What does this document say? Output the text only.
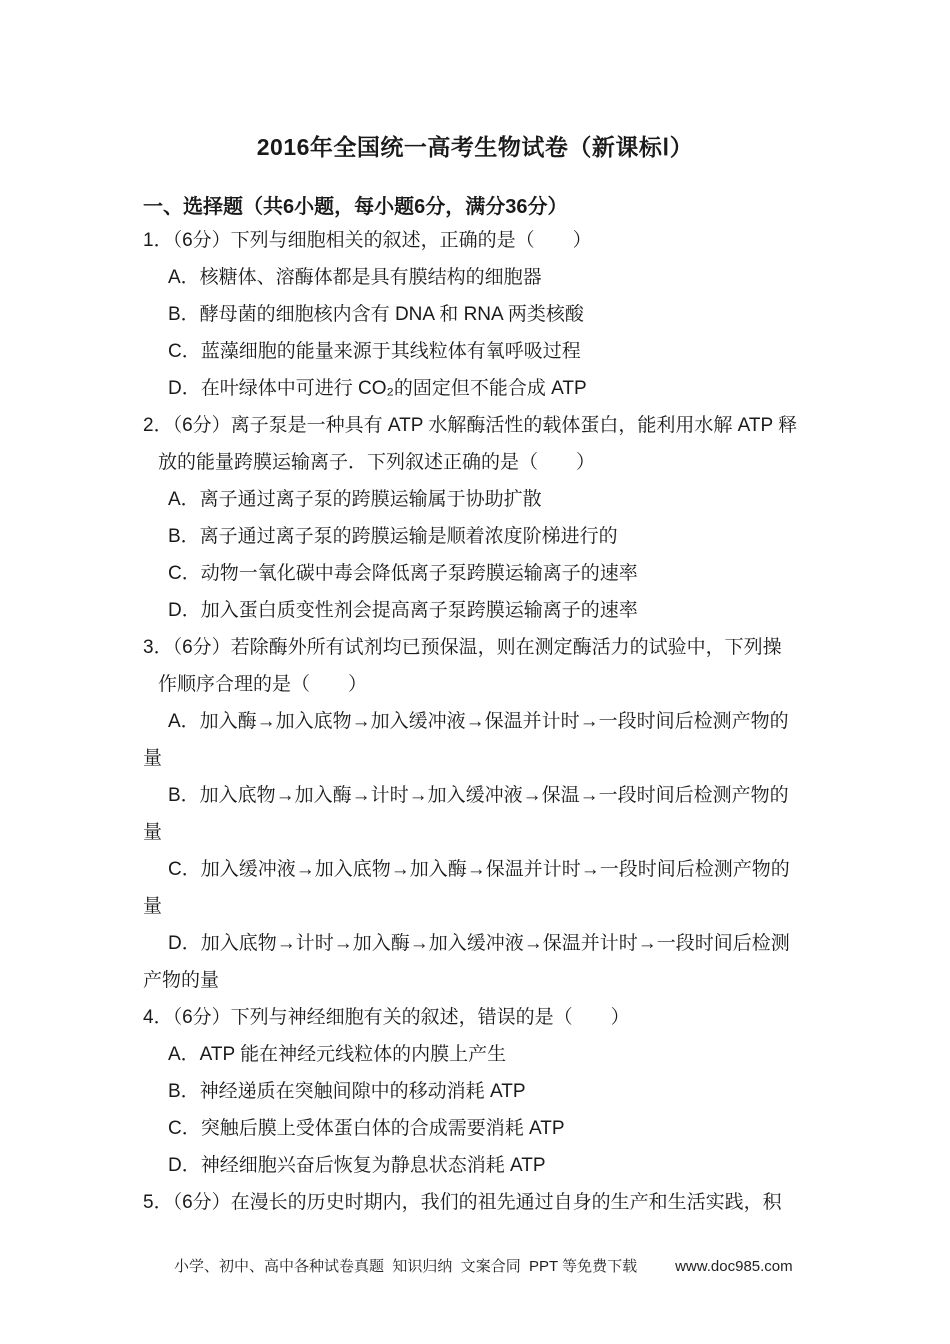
2016年全国统一高考生物试卷（新课标Ⅰ）
一、选择题（共6小题，每小题6分，满分36分）
1．（6分）下列与细胞相关的叙述，正确的是（　　）
A．核糖体、溶酶体都是具有膜结构的细胞器
B．酵母菌的细胞核内含有 DNA 和 RNA 两类核酸
C．蓝藻细胞的能量来源于其线粒体有氧呼吸过程
D．在叶绿体中可进行 CO₂的固定但不能合成 ATP
2．（6分）离子泵是一种具有 ATP 水解酶活性的载体蛋白，能利用水解 ATP 释
放的能量跨膜运输离子．下列叙述正确的是（　　）
A．离子通过离子泵的跨膜运输属于协助扩散
B．离子通过离子泵的跨膜运输是顺着浓度阶梯进行的
C．动物一氧化碳中毒会降低离子泵跨膜运输离子的速率
D．加入蛋白质变性剂会提高离子泵跨膜运输离子的速率
3．（6分）若除酶外所有试剂均已预保温，则在测定酶活力的试验中，下列操
作顺序合理的是（　　）
A．加入酶→加入底物→加入缓冲液→保温并计时→一段时间后检测产物的
量
B．加入底物→加入酶→计时→加入缓冲液→保温→一段时间后检测产物的
量
C．加入缓冲液→加入底物→加入酶→保温并计时→一段时间后检测产物的
量
D．加入底物→计时→加入酶→加入缓冲液→保温并计时→一段时间后检测
产物的量
4．（6分）下列与神经细胞有关的叙述，错误的是（　　）
A．ATP 能在神经元线粒体的内膜上产生
B．神经递质在突触间隙中的移动消耗 ATP
C．突触后膜上受体蛋白体的合成需要消耗 ATP
D．神经细胞兴奋后恢复为静息状态消耗 ATP
5．（6分）在漫长的历史时期内，我们的祖先通过自身的生产和生活实践，积

小学、初中、高中各种试卷真题  知识归纳  文案合同  PPT 等免费下载	www.doc985.com
